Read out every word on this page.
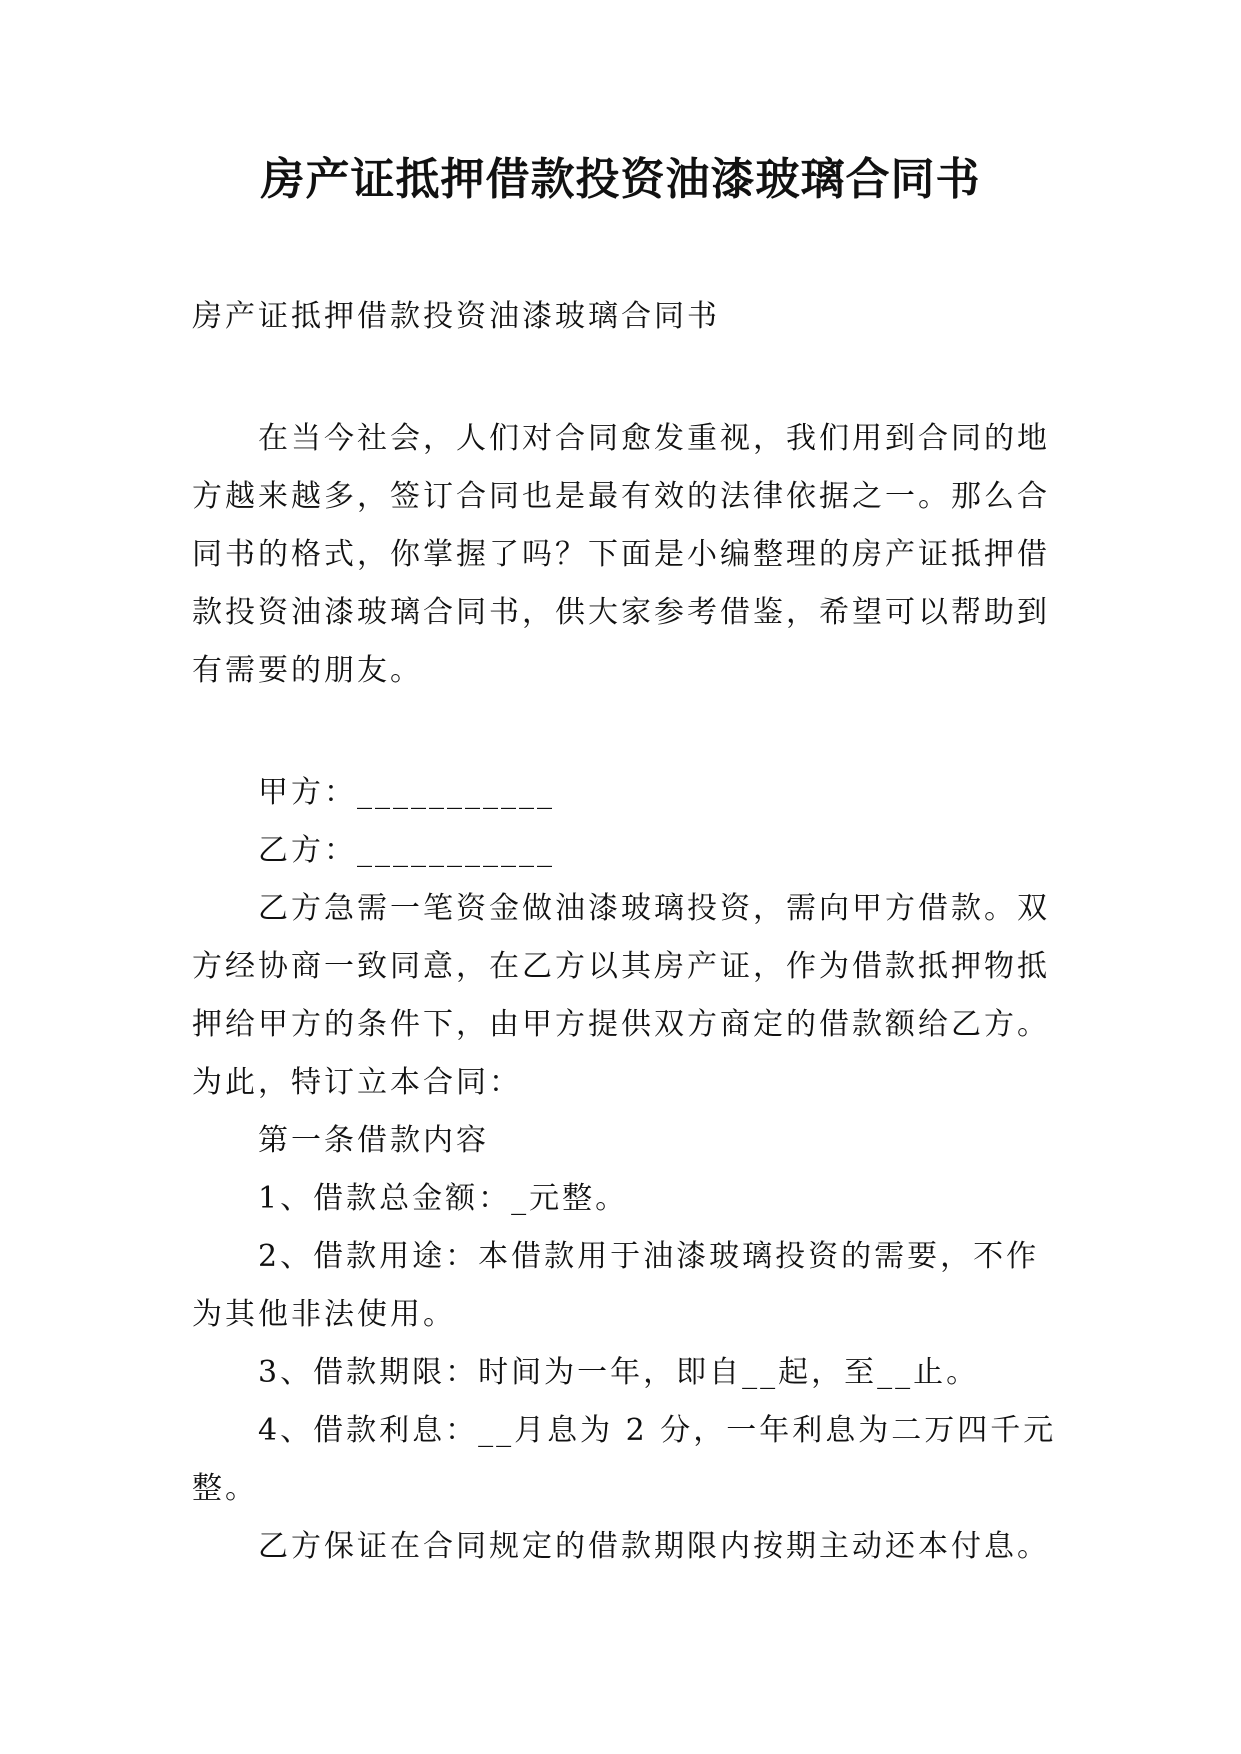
房产证抵押借款投资油漆玻璃合同书

房产证抵押借款投资油漆玻璃合同书

在当今社会，人们对合同愈发重视，我们用到合同的地方越来越多，签订合同也是最有效的法律依据之一。那么合同书的格式，你掌握了吗？下面是小编整理的房产证抵押借款投资油漆玻璃合同书，供大家参考借鉴，希望可以帮助到有需要的朋友。

甲方：___________

乙方：___________

乙方急需一笔资金做油漆玻璃投资，需向甲方借款。双方经协商一致同意，在乙方以其房产证，作为借款抵押物抵押给甲方的条件下，由甲方提供双方商定的借款额给乙方。为此，特订立本合同：

第一条借款内容

1、借款总金额：_元整。

2、借款用途：本借款用于油漆玻璃投资的需要，不作为其他非法使用。

3、借款期限：时间为一年，即自__起，至__止。

4、借款利息：__月息为 2 分，一年利息为二万四千元整。

乙方保证在合同规定的借款期限内按期主动还本付息。
